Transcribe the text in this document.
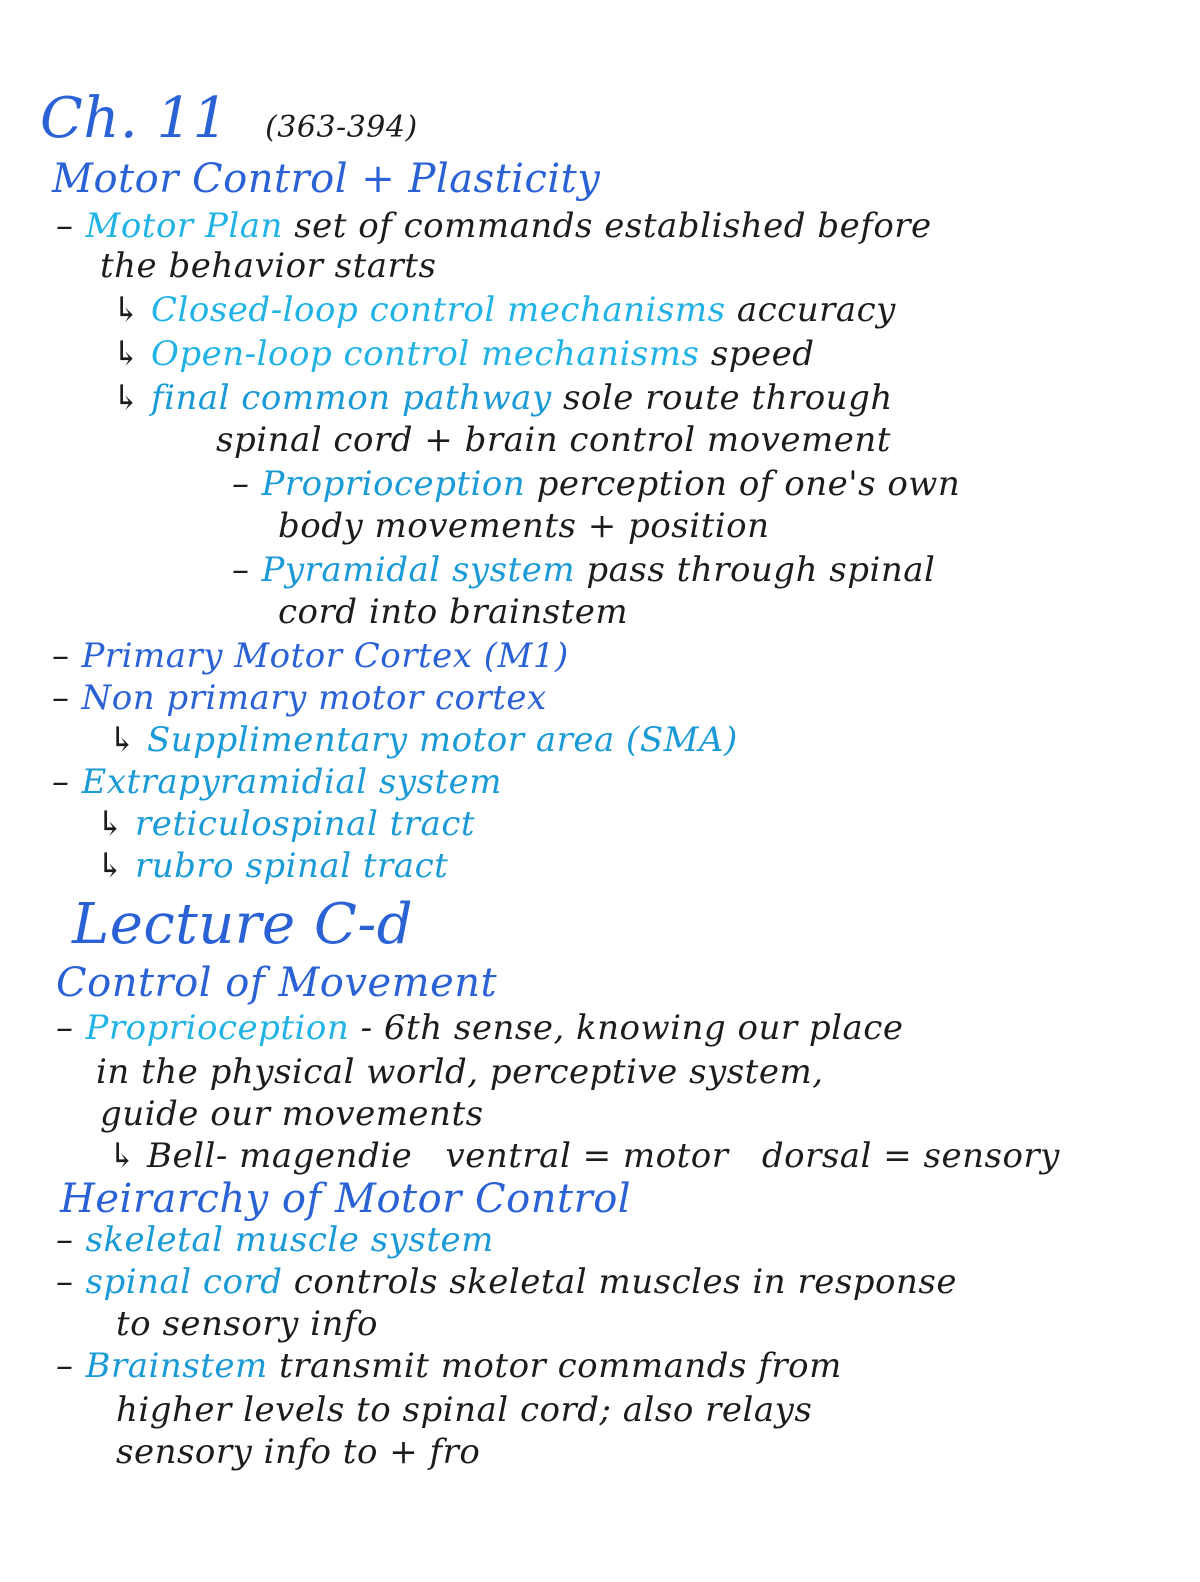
Ch. 11 (363-394)
Motor Control + Plasticity
– Motor Plan set of commands established before
the behavior starts
↳ Closed-loop control mechanisms accuracy
↳ Open-loop control mechanisms speed
↳ final common pathway sole route through
spinal cord + brain control movement
– Proprioception perception of one's own
body movements + position
– Pyramidal system pass through spinal
cord into brainstem
– Primary Motor Cortex (M1)
– Non primary motor cortex
↳ Supplimentary motor area (SMA)
– Extrapyramidial system
↳ reticulospinal tract
↳ rubro spinal tract
Lecture C-d
Control of Movement
– Proprioception - 6th sense, knowing our place
in the physical world, perceptive system,
guide our movements
↳ Bell- magendie ventral = motor dorsal = sensory
Heirarchy of Motor Control
– skeletal muscle system
– spinal cord controls skeletal muscles in response
to sensory info
– Brainstem transmit motor commands from
higher levels to spinal cord; also relays
sensory info to + fro
